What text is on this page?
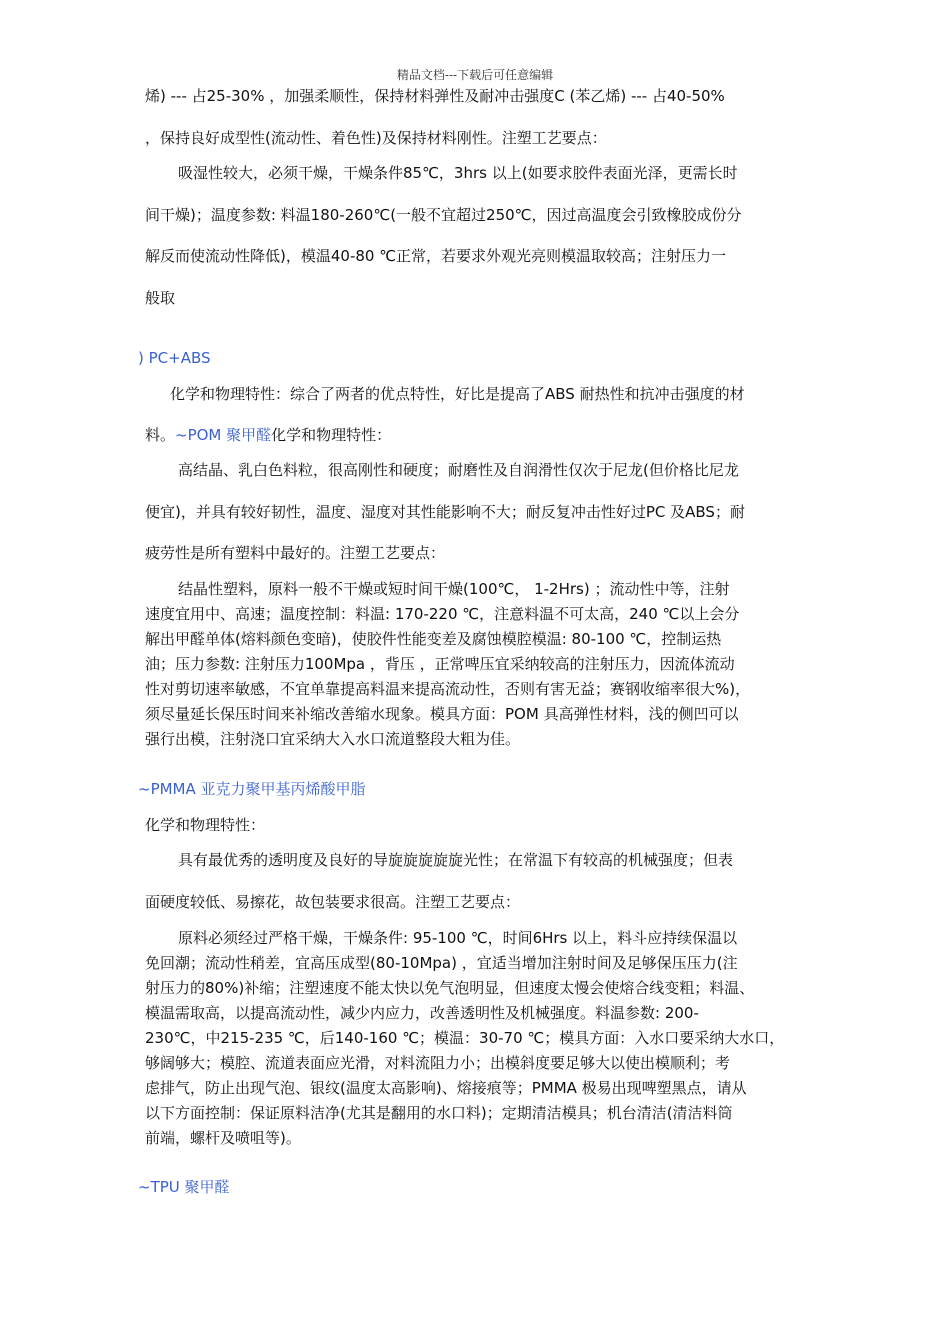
精品文档---下载后可任意编辑
烯) --- 占25-30% ，加强柔顺性，保持材料弹性及耐冲击强度C (苯乙烯) --- 占40-50%
，保持良好成型性(流动性、着色性)及保持材料刚性。注塑工艺要点：
吸湿性较大，必须干燥，干燥条件85℃，3hrs 以上(如要求胶件表面光泽，更需长时
间干燥)；温度参数: 料温180-260℃(一般不宜超过250℃，因过高温度会引致橡胶成份分
解反而使流动性降低)，模温40-80 ℃正常，若要求外观光亮则模温取较高；注射压力一
般取
) PC+ABS
化学和物理特性：综合了两者的优点特性，好比是提高了ABS 耐热性和抗冲击强度的材
料。~POM 聚甲醛化学和物理特性：
高结晶、乳白色料粒，很高刚性和硬度；耐磨性及自润滑性仅次于尼龙(但价格比尼龙
便宜)，并具有较好韧性，温度、湿度对其性能影响不大；耐反复冲击性好过PC 及ABS；耐
疲劳性是所有塑料中最好的。注塑工艺要点：
结晶性塑料，原料一般不干燥或短时间干燥(100℃， 1-2Hrs) ；流动性中等，注射
速度宜用中、高速；温度控制：料温: 170-220 ℃，注意料温不可太高，240 ℃以上会分
解出甲醛单体(熔料颜色变暗)，使胶件性能变差及腐蚀模腔模温: 80-100 ℃，控制运热
油；压力参数: 注射压力100Mpa ，背压 ，正常啤压宜采纳较高的注射压力，因流体流动
性对剪切速率敏感，不宜单靠提高料温来提高流动性，否则有害无益；赛钢收缩率很大%)，
须尽量延长保压时间来补缩改善缩水现象。模具方面：POM 具高弹性材料，浅的侧凹可以
强行出模，注射浇口宜采纳大入水口流道整段大粗为佳。
~PMMA 亚克力聚甲基丙烯酸甲脂
化学和物理特性：
具有最优秀的透明度及良好的导旋旋旋旋旋光性；在常温下有较高的机械强度；但表
面硬度较低、易擦花，故包装要求很高。注塑工艺要点：
原料必须经过严格干燥，干燥条件: 95-100 ℃，时间6Hrs 以上，料斗应持续保温以
免回潮；流动性稍差，宜高压成型(80-10Mpa) ，宜适当增加注射时间及足够保压压力(注
射压力的80%)补缩；注塑速度不能太快以免气泡明显，但速度太慢会使熔合线变粗；料温、
模温需取高，以提高流动性，减少内应力，改善透明性及机械强度。料温参数: 200-
230℃，中215-235 ℃，后140-160 ℃；模温：30-70 ℃；模具方面：入水口要采纳大水口，
够阔够大；模腔、流道表面应光滑，对料流阻力小；出模斜度要足够大以使出模顺利；考
虑排气，防止出现气泡、银纹(温度太高影响)、熔接痕等；PMMA 极易出现啤塑黑点，请从
以下方面控制：保证原料洁净(尤其是翻用的水口料)；定期清洁模具；机台清洁(清洁料筒
前端，螺杆及喷咀等)。
~TPU 聚甲醛
